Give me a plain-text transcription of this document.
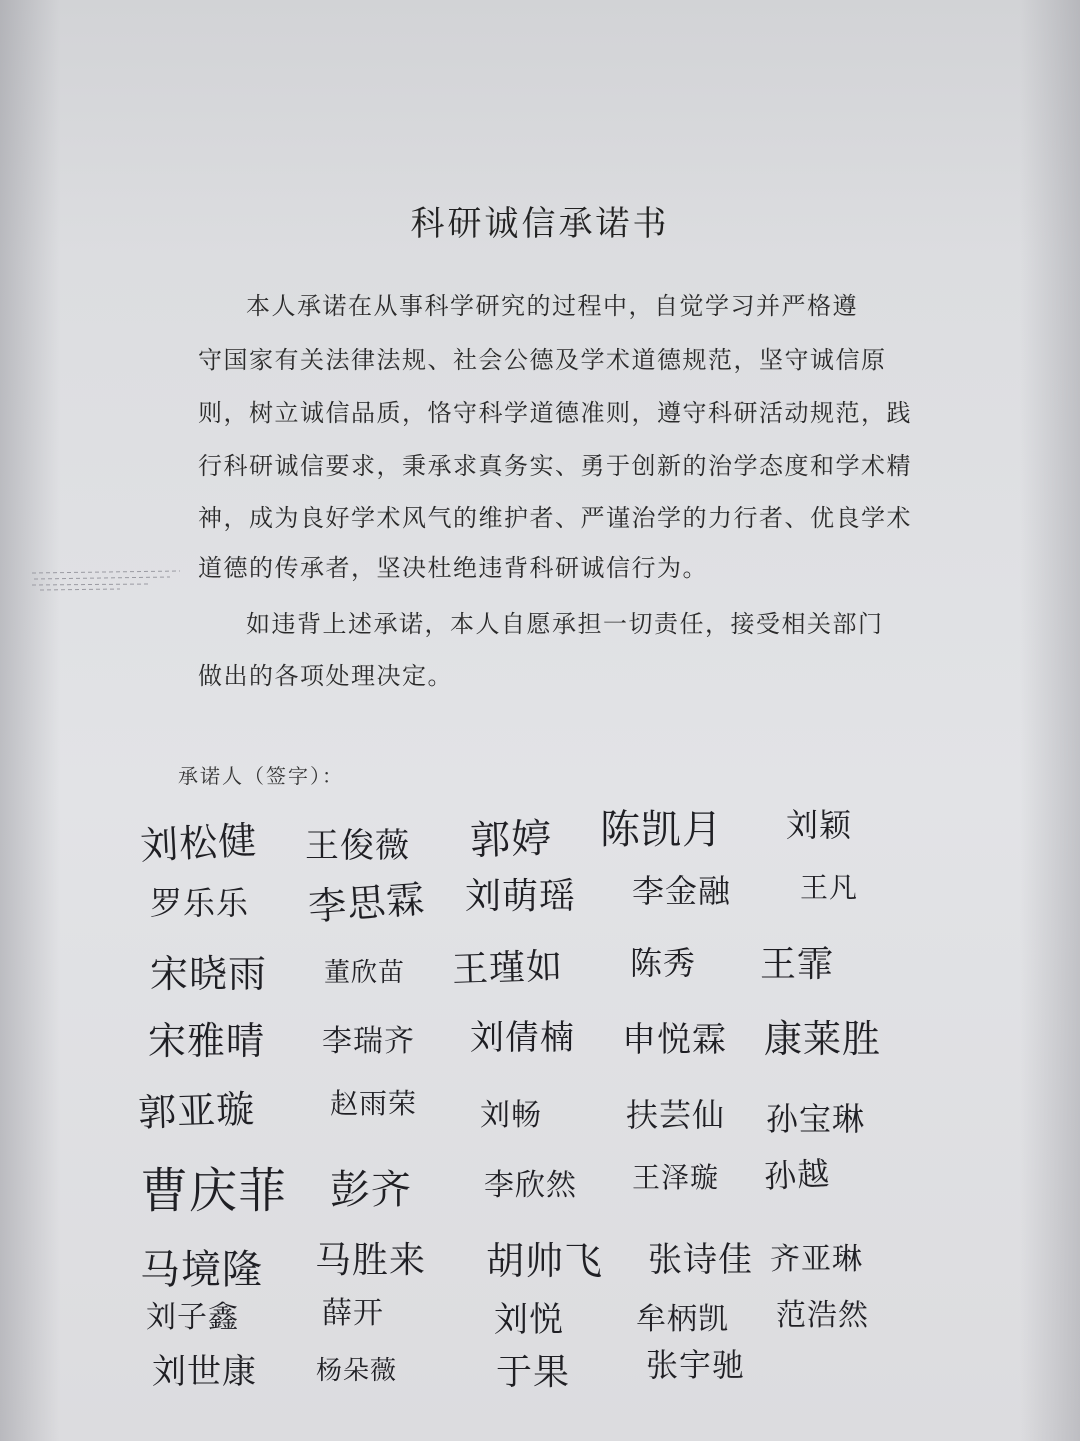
科研诚信承诺书
本人承诺在从事科学研究的过程中，自觉学习并严格遵
守国家有关法律法规、社会公德及学术道德规范，坚守诚信原
则，树立诚信品质，恪守科学道德准则，遵守科研活动规范，践
行科研诚信要求，秉承求真务实、勇于创新的治学态度和学术精
神，成为良好学术风气的维护者、严谨治学的力行者、优良学术
道德的传承者，坚决杜绝违背科研诚信行为。
如违背上述承诺，本人自愿承担一切责任，接受相关部门
做出的各项处理决定。
承诺人（签字）：
刘松健 王俊薇 郭婷 陈凯月 刘颖
罗乐乐 李思霖 刘萌瑶 李金融 王凡
宋晓雨 董欣苗 王瑾如 陈秀 王霏
宋雅晴 李瑞齐 刘倩楠 申悦霖 康莱胜
郭亚璇	赵雨荣 刘畅	扶芸仙 孙宝琳
曹庆菲 彭齐 李欣然 王泽璇 孙越
马境隆 马胜来 胡帅飞 张诗佳 齐亚琳
刘子鑫	薛开	刘悦 牟柄凯 范浩然
刘世康 杨朵薇	于果 张宇驰
